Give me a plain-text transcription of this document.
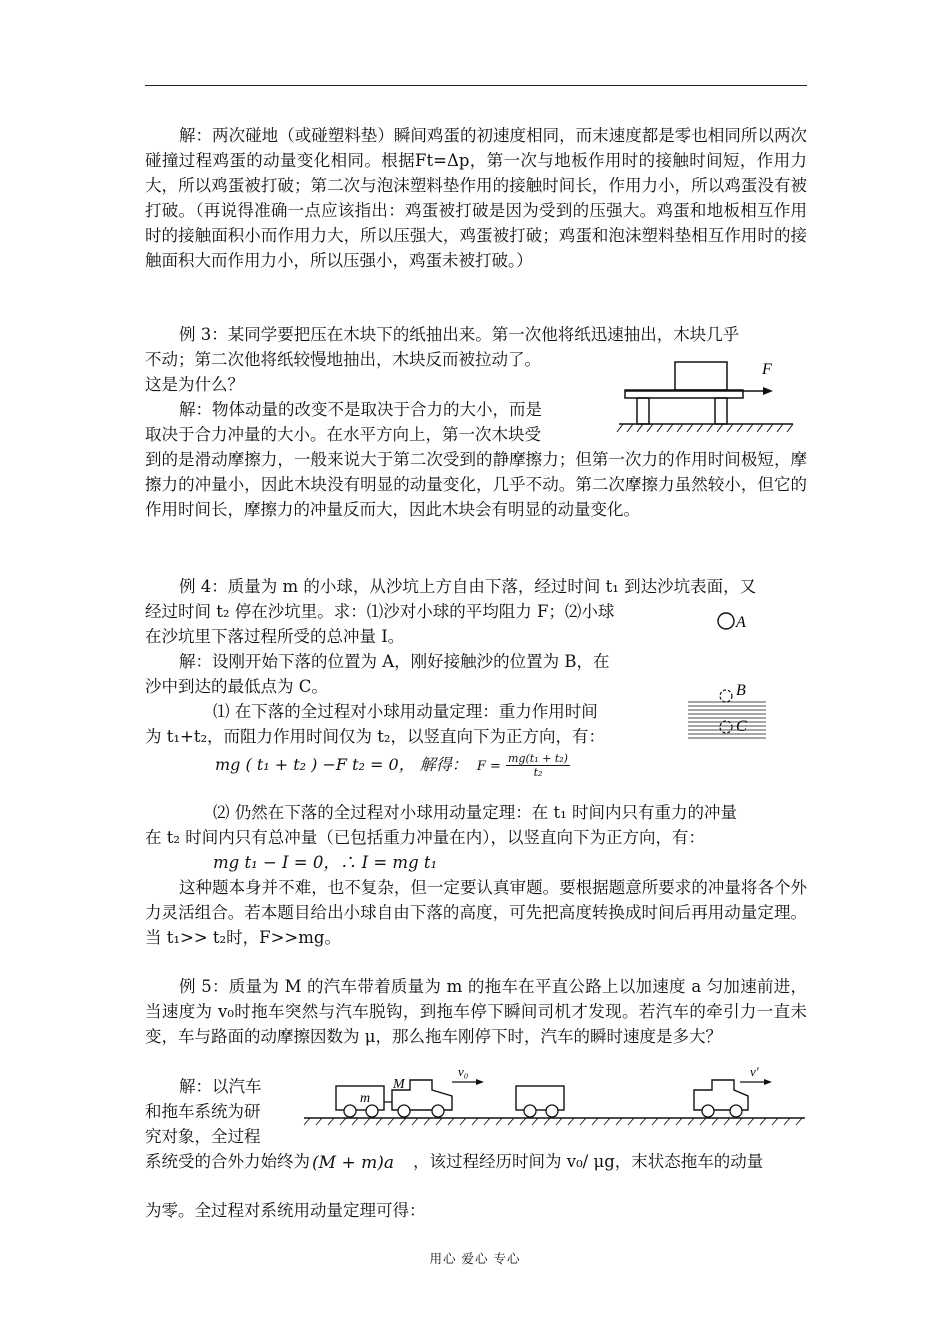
解：两次碰地（或碰塑料垫）瞬间鸡蛋的初速度相同，而末速度都是零也相同所以两次碰撞过程鸡蛋的动量变化相同。根据Ft=Δp，第一次与地板作用时的接触时间短，作用力大，所以鸡蛋被打破；第二次与泡沫塑料垫作用的接触时间长，作用力小，所以鸡蛋没有被打破。（再说得准确一点应该指出：鸡蛋被打破是因为受到的压强大。鸡蛋和地板相互作用时的接触面积小而作用力大，所以压强大，鸡蛋被打破；鸡蛋和泡沫塑料垫相互作用时的接触面积大而作用力小，所以压强小，鸡蛋未被打破。）

例 3：某同学要把压在木块下的纸抽出来。第一次他将纸迅速抽出，木块几乎

不动；第二次他将纸较慢地抽出，木块反而被拉动了。

这是为什么？

解：物体动量的改变不是取决于合力的大小，而是

取决于合力冲量的大小。在水平方向上，第一次木块受

到的是滑动摩擦力，一般来说大于第二次受到的静摩擦力；但第一次力的作用时间极短，摩擦力的冲量小，因此木块没有明显的动量变化，几乎不动。第二次摩擦力虽然较小，但它的作用时间长，摩擦力的冲量反而大，因此木块会有明显的动量变化。

F

例 4：质量为 m 的小球，从沙坑上方自由下落，经过时间 t₁ 到达沙坑表面，又

经过时间 t₂ 停在沙坑里。求：⑴沙对小球的平均阻力 F；⑵小球

在沙坑里下落过程所受的总冲量 I。

解：设刚开始下落的位置为 A，刚好接触沙的位置为 B，在

沙中到达的最低点为 C。

⑴ 在下落的全过程对小球用动量定理：重力作用时间

为 t₁+t₂，而阻力作用时间仅为 t₂，以竖直向下为正方向，有：

mg ( t₁ + t₂ ) −F t₂ = 0， 解得： $F = \frac{\text{mg(t₁ + t₂)}}{\text{t₂}}$

⑵ 仍然在下落的全过程对小球用动量定理：在 t₁ 时间内只有重力的冲量

在 t₂ 时间内只有总冲量（已包括重力冲量在内），以竖直向下为正方向，有：

mg t₁ − I = 0，∴ I = mg t₁

这种题本身并不难，也不复杂，但一定要认真审题。要根据题意所要求的冲量将各个外力灵活组合。若本题目给出小球自由下落的高度，可先把高度转换成时间后再用动量定理。当 t₁>> t₂时，F>>mg。

A
B
C

例 5：质量为 M 的汽车带着质量为 m 的拖车在平直公路上以加速度 a 匀加速前进，当速度为 v₀时拖车突然与汽车脱钩，到拖车停下瞬间司机才发现。若汽车的牵引力一直未变，车与路面的动摩擦因数为 μ，那么拖车刚停下时，汽车的瞬时速度是多大？

解：以汽车

和拖车系统为研

究对象，全过程

系统受的合外力始终为 (M + m)a ，该过程经历时间为 v₀/ μg，末状态拖车的动量

为零。全过程对系统用动量定理可得：

m
M
v₀	v′
用心 爱心 专心
